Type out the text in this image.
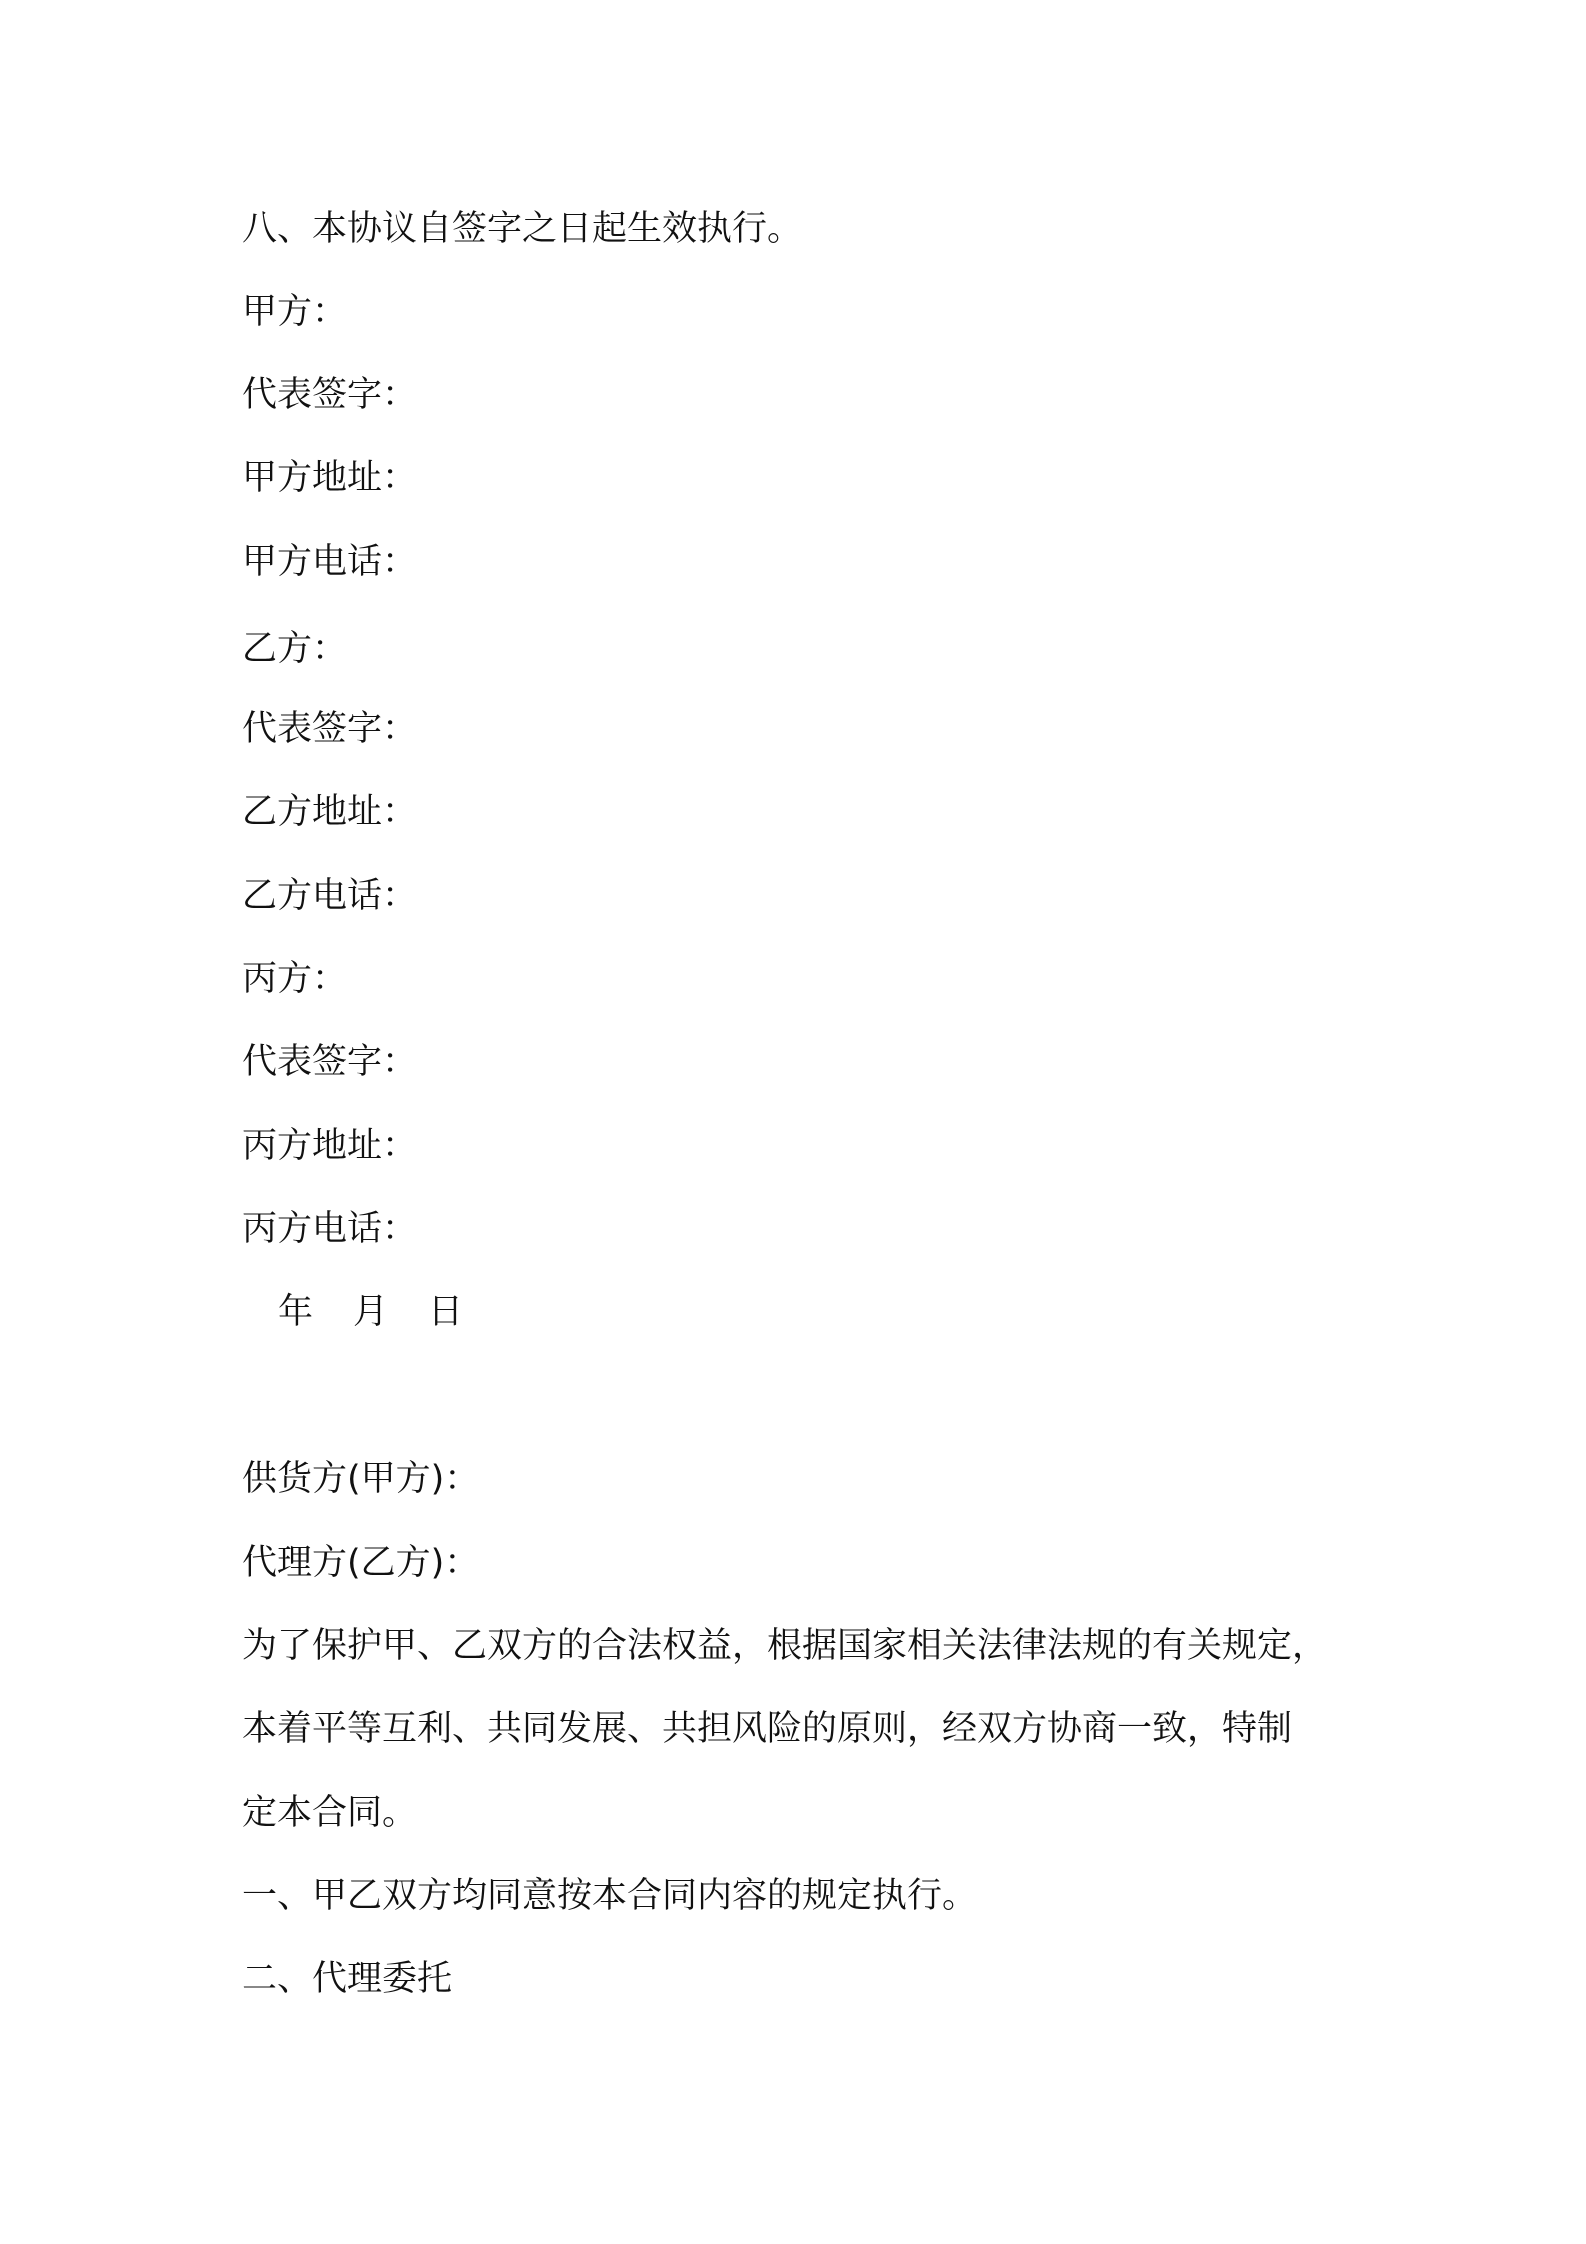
八、本协议自签字之日起生效执行。
甲方：
代表签字：
甲方地址：
甲方电话：
乙方：
代表签字：
乙方地址：
乙方电话：
丙方：
代表签字：
丙方地址：
丙方电话：
年 月 日
供货方(甲方)：
代理方(乙方)：
为了保护甲、乙双方的合法权益，根据国家相关法律法规的有关规定，
本着平等互利、共同发展、共担风险的原则，经双方协商一致，特制
定本合同。
一、甲乙双方均同意按本合同内容的规定执行。
二、代理委托
